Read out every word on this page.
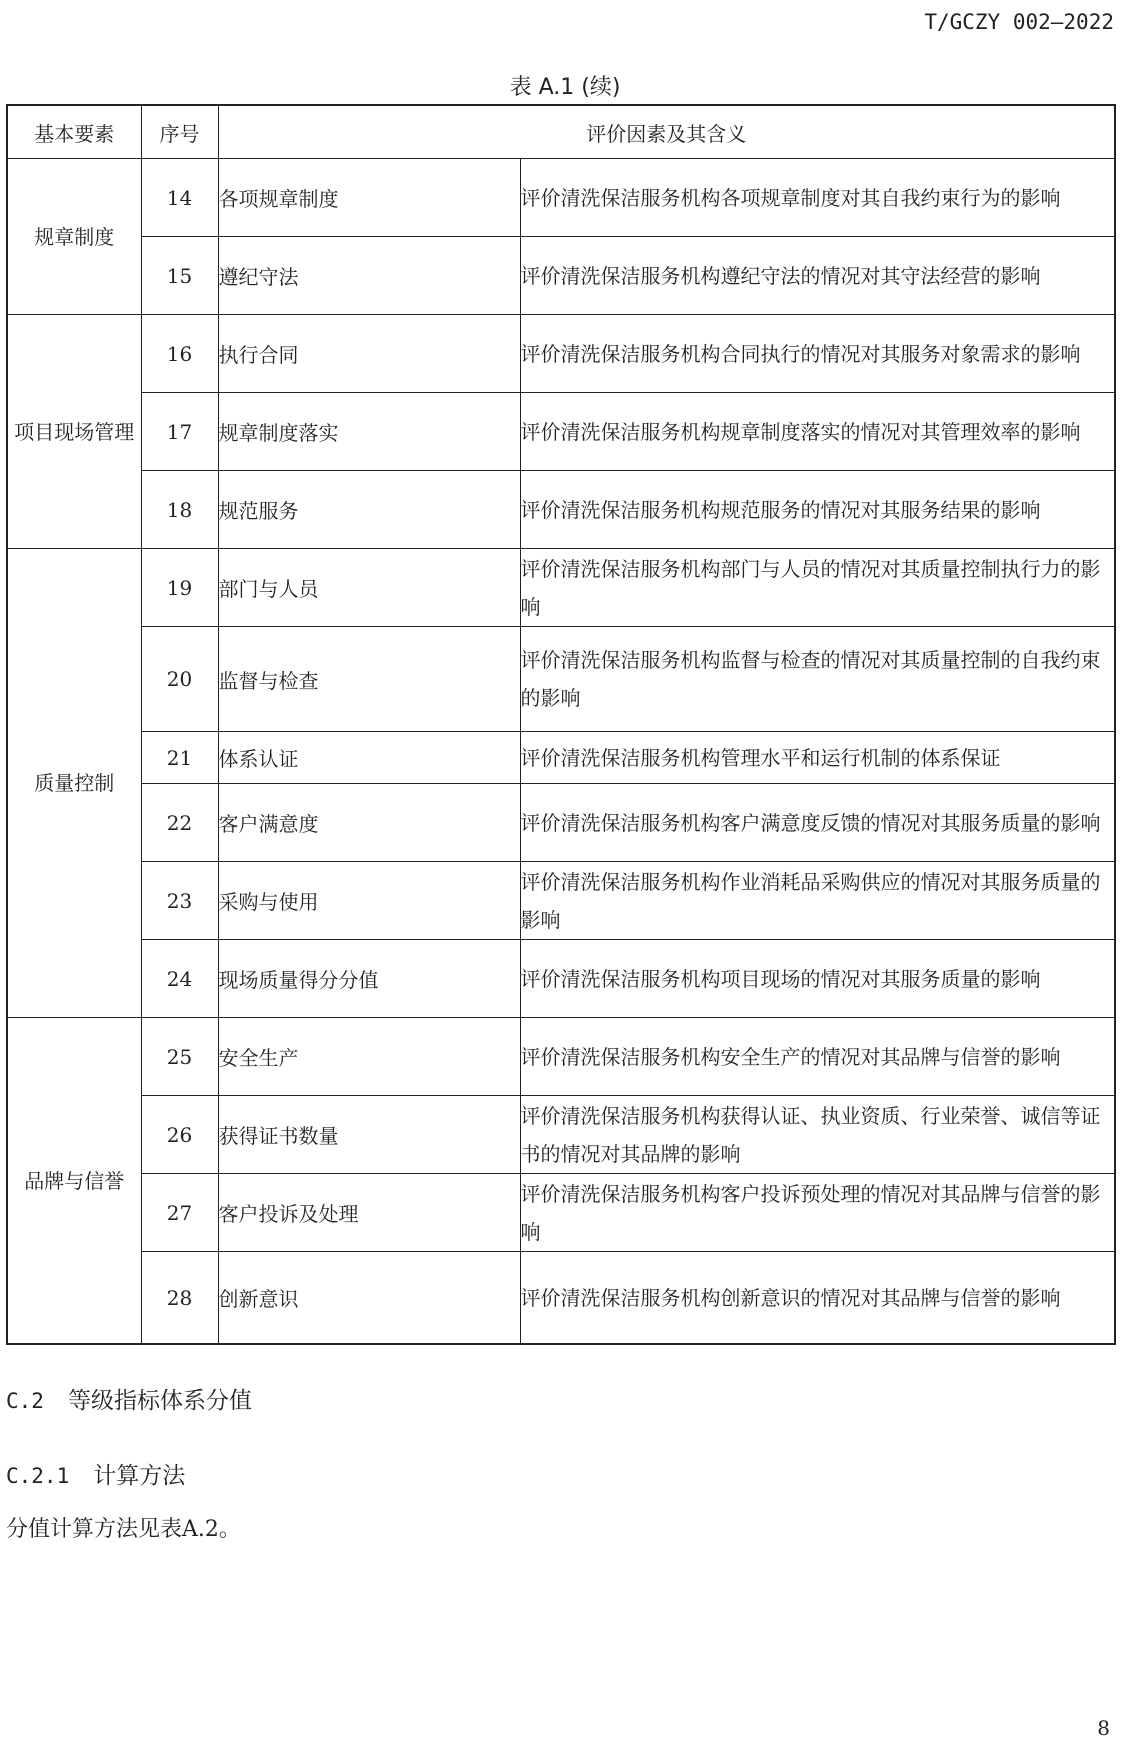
T/GCZY 002—2022
表 A.1 (续)
基本要素	序号	评价因素及其含义	
规章制度	14	各项规章制度	评价清洗保洁服务机构各项规章制度对其自我约束行为的影响
	15	遵纪守法	评价清洗保洁服务机构遵纪守法的情况对其守法经营的影响
项目现场管理	16	执行合同	评价清洗保洁服务机构合同执行的情况对其服务对象需求的影响
	17	规章制度落实	评价清洗保洁服务机构规章制度落实的情况对其管理效率的影响
	18	规范服务	评价清洗保洁服务机构规范服务的情况对其服务结果的影响
质量控制	19	部门与人员	评价清洗保洁服务机构部门与人员的情况对其质量控制执行力的影响
	20	监督与检查	评价清洗保洁服务机构监督与检查的情况对其质量控制的自我约束的影响
	21	体系认证	评价清洗保洁服务机构管理水平和运行机制的体系保证
	22	客户满意度	评价清洗保洁服务机构客户满意度反馈的情况对其服务质量的影响
	23	采购与使用	评价清洗保洁服务机构作业消耗品采购供应的情况对其服务质量的影响
	24	现场质量得分分值	评价清洗保洁服务机构项目现场的情况对其服务质量的影响
品牌与信誉	25	安全生产	评价清洗保洁服务机构安全生产的情况对其品牌与信誉的影响
	26	获得证书数量	评价清洗保洁服务机构获得认证、执业资质、行业荣誉、诚信等证书的情况对其品牌的影响
	27	客户投诉及处理	评价清洗保洁服务机构客户投诉预处理的情况对其品牌与信誉的影响
	28	创新意识	评价清洗保洁服务机构创新意识的情况对其品牌与信誉的影响
C.2 等级指标体系分值
C.2.1 计算方法
分值计算方法见表A.2。
8
